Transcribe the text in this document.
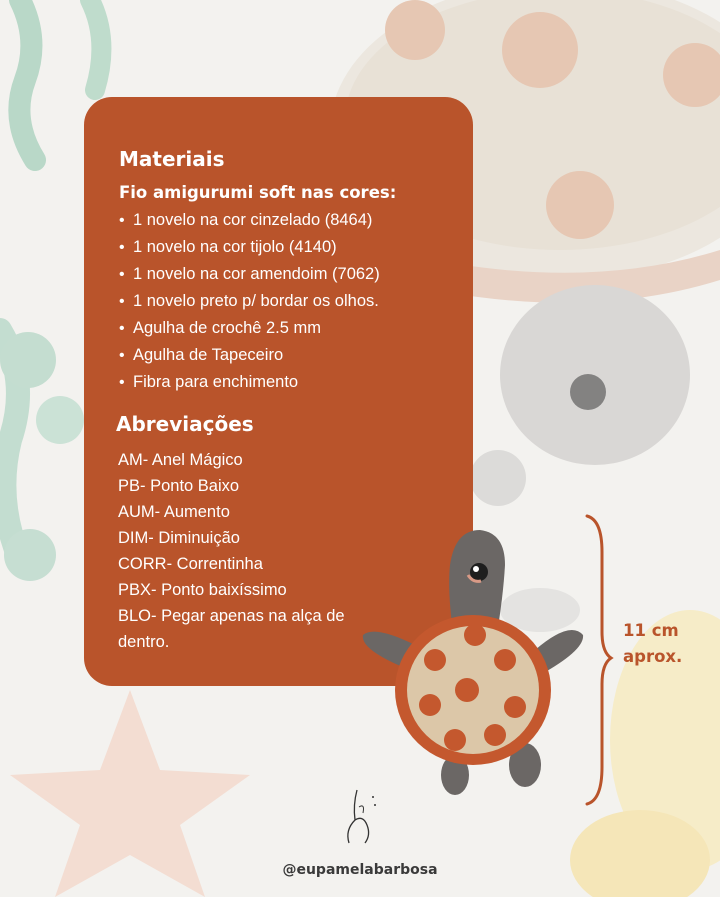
Materiais
Fio amigurumi soft nas cores:
• 1 novelo na cor cinzelado (8464)
• 1 novelo na cor tijolo (4140)
• 1 novelo na cor amendoim (7062)
• 1 novelo preto p/ bordar os olhos.
• Agulha de crochê 2.5 mm
• Agulha de Tapeceiro
• Fibra para enchimento
Abreviações
AM- Anel Mágico
PB- Ponto Baixo
AUM- Aumento
DIM- Diminuição
CORR- Correntinha
PBX- Ponto baixíssimo
BLO- Pegar apenas na alça de dentro.
11 cm
aprox.
@eupamelabarbosa
